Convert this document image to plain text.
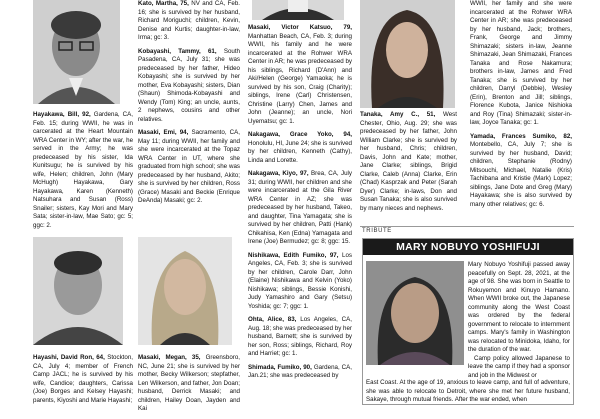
Hayakawa, Bill, 92, Gardena, CA, Feb. 15; during WWII, he was in carcerated at the Heart Mountain WRA Center in WY; after the war, he served in the Army; he was predeceased by his sister, Ida Kunitsugu; he is survived by his wife, Helen; children, John (Mary McHugh) Hayakawa, Gary Hayakawa, Karen (Kenneth) Natsuhara and Susan (Ross) Snailer; sisters, Kay Mori and Mary Sata; sister-in-law, Mae Sato; gc: 5; ggc: 2.

Hayashi, David Ron, 64, Stockton, CA, July 4; member of French Camp JACL; he is survived by his wife, Candice; daughters, Carissa (Joe) Borges and Kelsey Hayashi; parents, Kiyoshi and Marie Hayashi;

Kato, Martha, 75, NV and CA, Feb. 16; she is survived by her husband, Richard Moriguchi; children, Kevin, Denise and Kurtis; daughter-in-law, Irma; gc: 3.

Kobayashi, Tammy, 61, South Pasadena, CA, July 31; she was predeceased by her father, Hideo Kobayashi; she is survived by her mother, Eva Kobayashi; sisters, Dian (Shaun) Shimoda-Kobayashi and Wendy (Tom) King; an uncle, aunts, 2 nephews, cousins and other relatives.

Masaki, Emi, 94, Sacramento, CA, May 11; during WWII, her family and she were incarcerated at the Topaz WRA Center in UT, where she graduated from high school; she was predeceased by her husband, Akito; she is survived by her children, Ross (Grace) Masaki and Beckie (Enrique DeAnda) Masaki; gc: 2.

Masaki, Megan, 35, Greensboro, NC, June 21; she is survived by her mother, Becky Wilkerson; stepfather, Len Wilkerson, and father, Jon Doan; husband, Derrick Masaki; and children, Hailey Doan, Jayden and Kai

Masaki, Victor Katsuo, 79, Manhattan Beach, CA, Feb. 3; during WWII, his family and he were incarcerated at the Rohwer WRA Center in AR; he was predeceased by his siblings, Richard (D'Ann) and Aki/Helen (George) Yamaoka; he is survived by his son, Craig (Charity); siblings, Irene (Carl) Christensen, Christine (Larry) Chen, James and John (Jeanne); an uncle, Nori Uyematsu; gc: 1.

Nakagawa, Grace Yoko, 94, Honolulu, HI, June 24; she is survived by her children, Kenneth (Cathy), Linda and Lorette.

Nakagawa, Kiyo, 97, Brea, CA, July 31; during WWII, her children and she were incarcerated at the Gila River WRA Center in AZ; she was predeceased by her husband, Takeo, and daughter, Tina Yamagata; she is survived by her children, Patti (Hank) Chikahisa, Ken (Edna) Yamagata and Irene (Joe) Bermudez; gc: 8; ggc: 15.

Nishikawa, Edith Fumiko, 97, Los Angeles, CA, Feb. 3; she is survived by her children, Carole Darr, John (Elaine) Nishikawa and Kelvin (Yoko) Nishikawa; siblings, Bessie Konishi, Judy Yamashiro and Gary (Setsu) Yoshida; gc: 7; ggc: 1.

Ohta, Alice, 83, Los Angeles, CA, Aug. 18; she was predeceased by her husband, Barnett; she is survived by her son, Ross; siblings, Richard, Roy and Harriet; gc: 1.

Shimada, Fumiko, 90, Gardena, CA, Jan.21; she was predeceased by

Tanaka, Amy C., 51, West Chester, Ohio, Aug. 29; she was predeceased by her father, John William Clarke; she is survived by her husband, Chris; children, Davis, John and Kate; mother, Jane Clarke; siblings, Brigid Clarke, Caleb (Anna) Clarke, Erin (Chad) Kasprzak and Peter (Sarah Dyer) Clarke; in-laws, Don and Susan Tanaka; she is also survived by many nieces and nephews.

WWII, her family and she were incarcerated at the Rohwer WRA Center in AR; she was predeceased by her husband, Jack; brothers, Frank, George and Jimmy Shimazaki; sisters in-law, Jeanne Shimazaki, Jean Shimazaki, Frances Tanaka and Rose Nakamura; brothers in-law, James and Fred Tanaka; she is survived by her children, Darryl (Debbie), Wesley (Erin), Brenton and Jill; siblings, Florence Kubota, Janice Nishioka and Roy (Tina) Shimazaki; sister-in-law, Joyce Tanaka; gc: 1.

Yamada, Frances Sumiko, 82, Montebello, CA, July 7; she is survived by her husband, David; children, Stephanie (Rodny) Mitsouchi, Michael, Natalie (Kris) Tachibana and Kristie (Mark) Lopez; siblings, Jane Dote and Greg (Mary) Hayakawa; she is also survived by many other relatives; gc: 6.

TRIBUTE
MARY NOBUYO YOSHIFUJI
Mary Nobuyo Yoshifuji passed away peacefully on Sept. 28, 2021, at the age of 98. She was born in Seattle to Rokuyemon and Kinuyo Hamano. When WWII broke out, the Japanese community along the West Coast was ordered by the federal government to relocate to internment camps. Mary's family in Washington was relocated to Minidoka, Idaho, for the duration of the war.
Camp policy allowed Japanese to leave the camp if they had a sponsor and job in the Midwest or
East Coast. At the age of 19, anxious to leave camp, and full of adventure, she was able to relocate to Detroit, where she met her future husband, Sakaye, through mutual friends. After the war ended, when
